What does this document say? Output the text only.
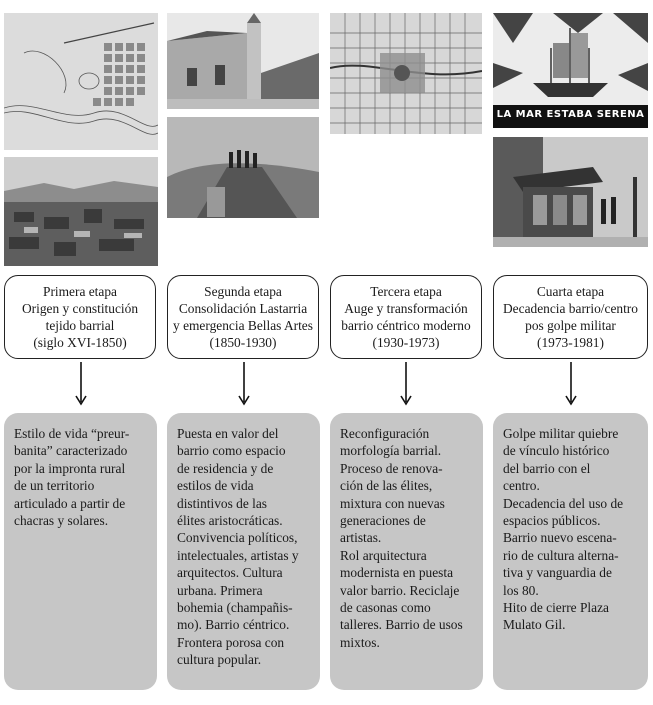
LA MAR ESTABA SERENA
Primera etapa
Origen y constitución
tejido barrial
(siglo XVI-1850)
Segunda etapa
Consolidación Lastarria
y emergencia Bellas Artes
(1850-1930)
Tercera etapa
Auge y transformación
barrio céntrico moderno
(1930-1973)
Cuarta etapa
Decadencia barrio/centro
pos golpe militar
(1973-1981)
Estilo de vida “preur-
banita” caracterizado
por la impronta rural
de un territorio
articulado a partir de
chacras y solares.
Puesta en valor del
barrio como espacio
de residencia y de
estilos de vida
distintivos de las
élites aristocráticas.
Convivencia políticos,
intelectuales, artistas y
arquitectos. Cultura
urbana. Primera
bohemia (champañis-
mo). Barrio céntrico.
Frontera porosa con
cultura popular.
Reconfiguración
morfología barrial.
Proceso de renova-
ción de las élites,
mixtura con nuevas
generaciones de
artistas.
Rol arquitectura
modernista en puesta
valor barrio. Reciclaje
de casonas como
talleres. Barrio de usos
mixtos.
Golpe militar quiebre
de vínculo histórico
del barrio con el
centro.
Decadencia del uso de
espacios públicos.
Barrio nuevo escena-
rio de cultura alterna-
tiva y vanguardia de
los 80.
Hito de cierre Plaza
Mulato Gil.
